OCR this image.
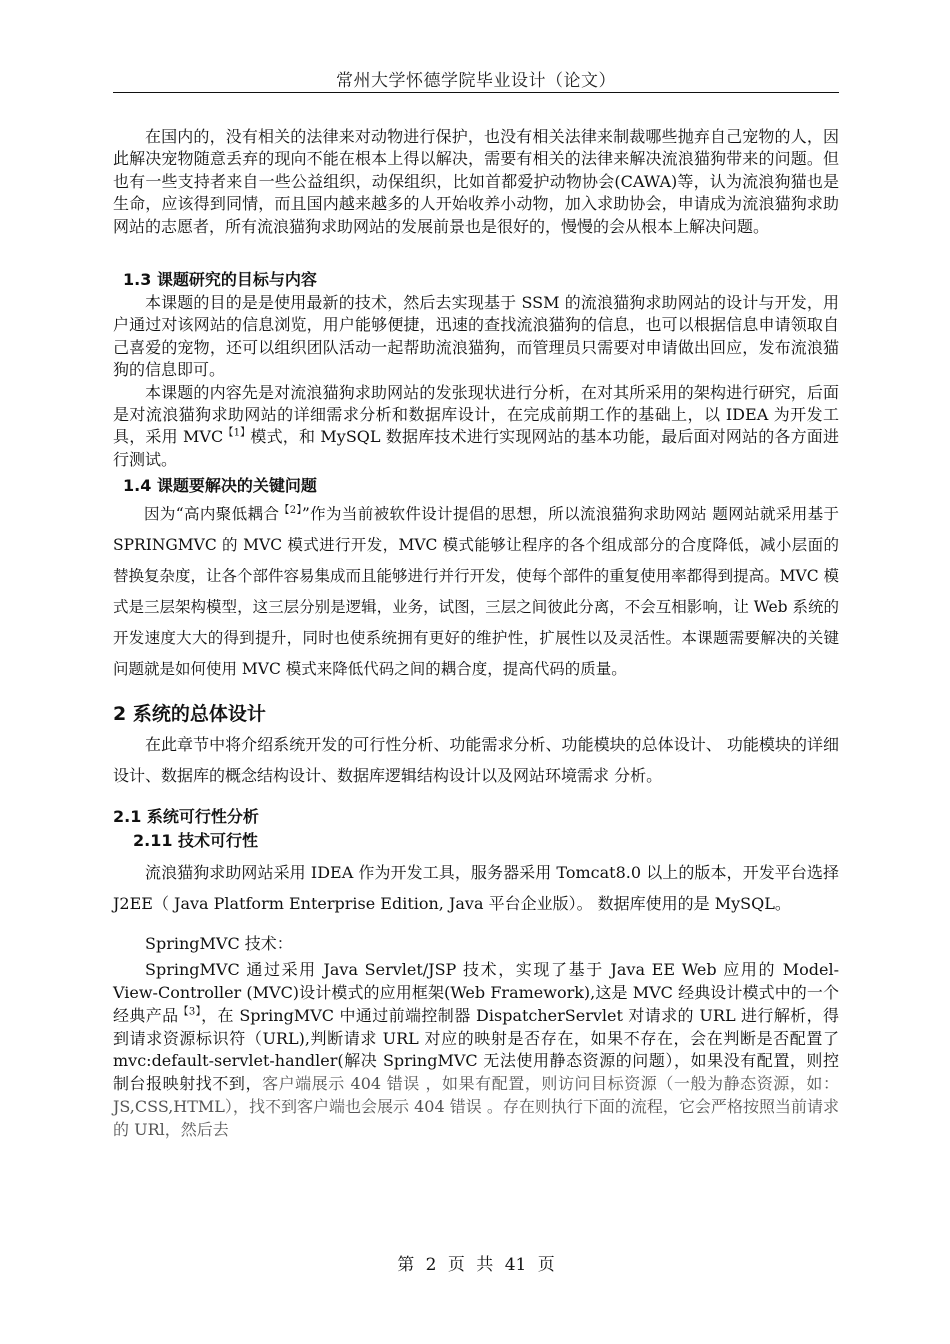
常州大学怀德学院毕业设计（论文）

在国内的，没有相关的法律来对动物进行保护，也没有相关法律来制裁哪些抛弃自己宠物的人，因此解决宠物随意丢弃的现向不能在根本上得以解决，需要有相关的法律来解决流浪猫狗带来的问题。但也有一些支持者来自一些公益组织，动保组织，比如首都爱护动物协会(CAWA)等，认为流浪狗猫也是生命，应该得到同情，而且国内越来越多的人开始收养小动物，加入求助协会，申请成为流浪猫狗求助网站的志愿者，所有流浪猫狗求助网站的发展前景也是很好的，慢慢的会从根本上解决问题。

1.3 课题研究的目标与内容

本课题的目的是是使用最新的技术，然后去实现基于 SSM 的流浪猫狗求助网站的设计与开发，用户通过对该网站的信息浏览，用户能够便捷，迅速的查找流浪猫狗的信息，也可以根据信息申请领取自己喜爱的宠物，还可以组织团队活动一起帮助流浪猫狗，而管理员只需要对申请做出回应，发布流浪猫狗的信息即可。

本课题的内容先是对流浪猫狗求助网站的发张现状进行分析，在对其所采用的架构进行研究，后面是对流浪猫狗求助网站的详细需求分析和数据库设计，在完成前期工作的基础上，以 IDEA 为开发工具，采用 $MVC^{【1】}$模式，和 MySQL 数据库技术进行实现网站的基本功能，最后面对网站的各方面进行测试。

1.4 课题要解决的关键问题

因为“高内聚低耦合$^{【2】}$”作为当前被软件设计提倡的思想，所以流浪猫狗求助网站 题网站就采用基于 SPRINGMVC 的 MVC 模式进行开发，MVC 模式能够让程序的各个组成部分的合度降低，减小层面的替换复杂度，让各个部件容易集成而且能够进行并行开发，使每个部件的重复使用率都得到提高。MVC 模式是三层架构模型，这三层分别是逻辑，业务，试图，三层之间彼此分离，不会互相影响，让 Web 系统的开发速度大大的得到提升，同时也使系统拥有更好的维护性，扩展性以及灵活性。本课题需要解决的关键问题就是如何使用 MVC 模式来降低代码之间的耦合度，提高代码的质量。

2 系统的总体设计

在此章节中将介绍系统开发的可行性分析、功能需求分析、功能模块的总体设计、 功能模块的详细设计、数据库的概念结构设计、数据库逻辑结构设计以及网站环境需求 分析。

2.1 系统可行性分析
2.11 技术可行性

流浪猫狗求助网站采用 IDEA 作为开发工具，服务器采用 Tomcat8.0 以上的版本，开发平台选择 J2EE（ Java Platform Enterprise Edition, Java 平台企业版）。 数据库使用的是 MySQL。

SpringMVC 技术：

SpringMVC 通过采用 Java Servlet/JSP 技术，实现了基于 Java EE Web 应用的 Model-View-Controller (MVC)设计模式的应用框架(Web Framework),这是 MVC 经典设计模式中的一个经典产品$^{【3】}$，在 SpringMVC 中通过前端控制器 DispatcherServlet 对请求的 URL 进行解析，得到请求资源标识符（URL),判断请求 URL 对应的映射是否存在，如果不存在，会在判断是否配置了 mvc:default-servlet-handler(解决 SpringMVC 无法使用静态资源的问题），如果没有配置，则控制台报映射找不到，客户端展示 404 错误 ，如果有配置，则访问目标资源（一般为静态资源，如：JS,CSS,HTML），找不到客户端也会展示 404 错误 。存在则执行下面的流程，它会严格按照当前请求的 URl，然后去

第 2 页 共 41 页
